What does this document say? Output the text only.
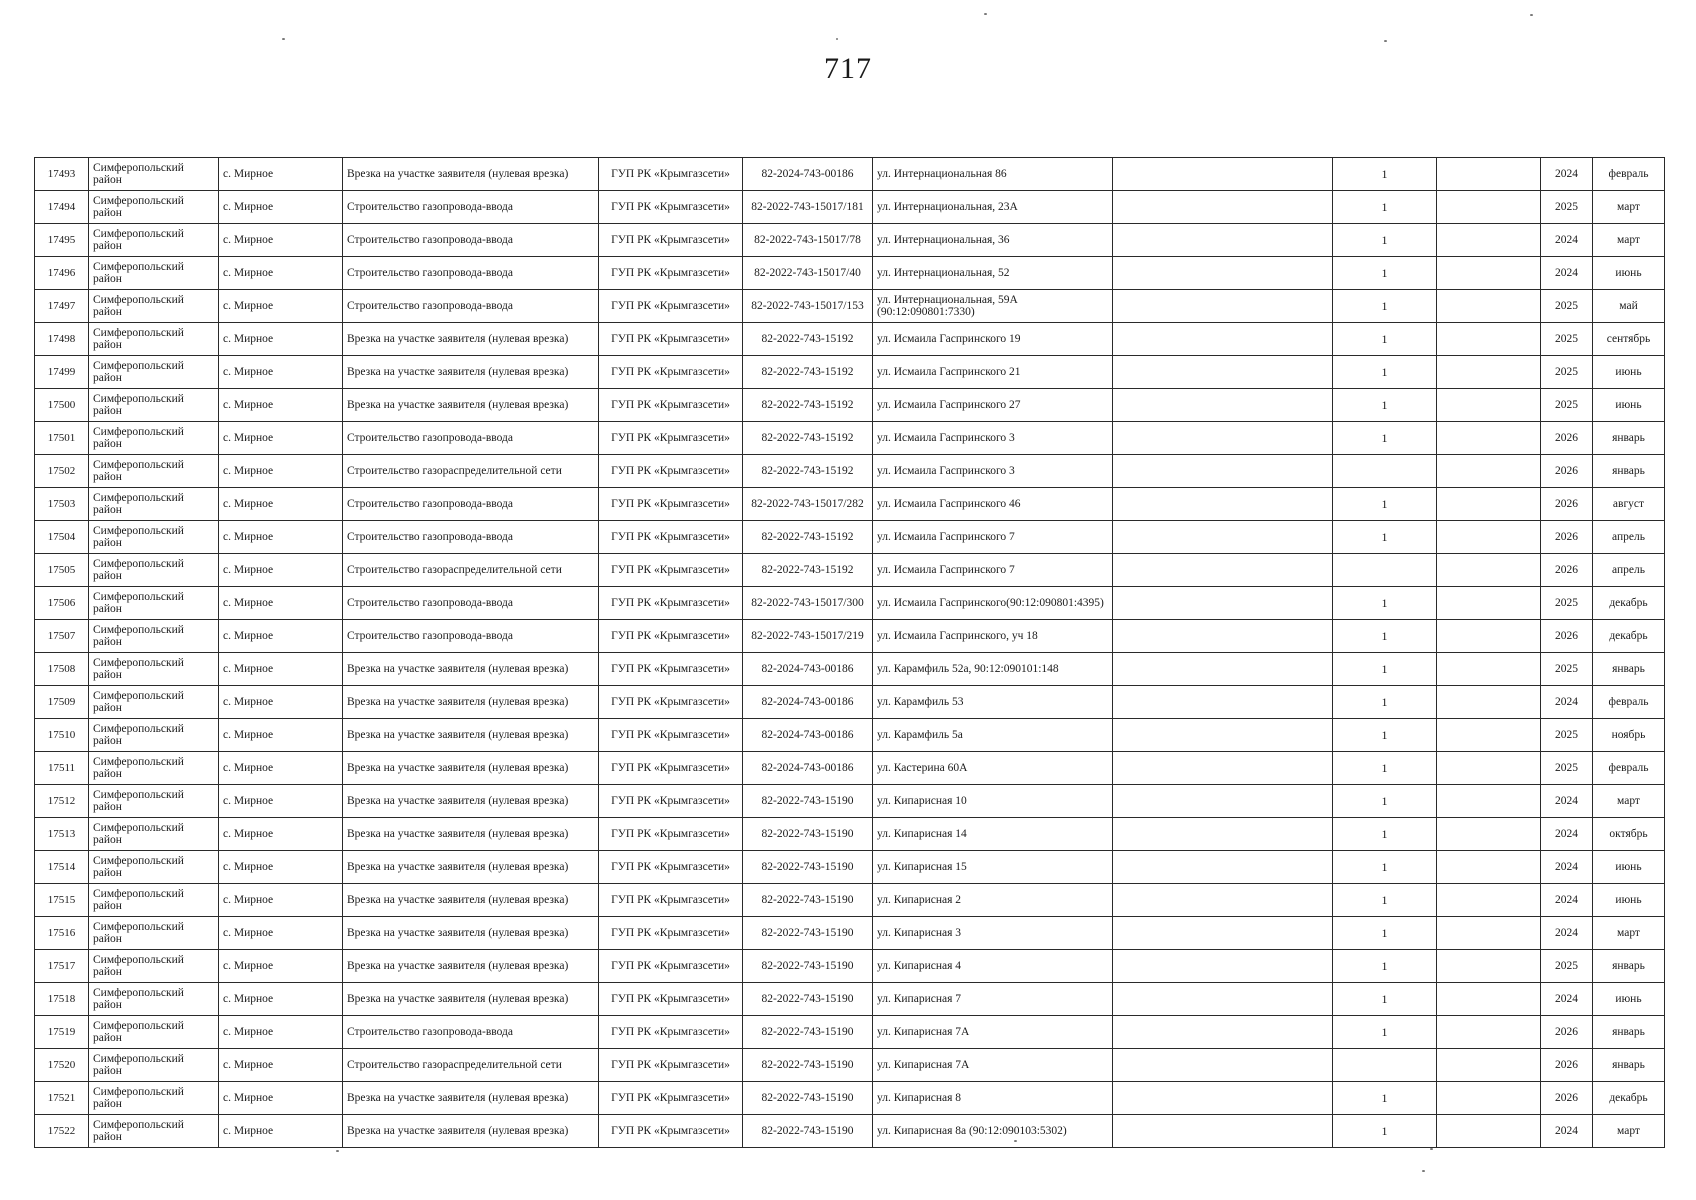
717
17493	Симферопольский район	с. Мирное	Врезка на участке заявителя (нулевая врезка)	ГУП РК «Крымгазсети»	82-2024-743-00186	ул. Интернациональная 86		1		2024	февраль
17494	Симферопольский район	с. Мирное	Строительство газопровода-ввода	ГУП РК «Крымгазсети»	82-2022-743-15017/181	ул. Интернациональная, 23А		1		2025	март
17495	Симферопольский район	с. Мирное	Строительство газопровода-ввода	ГУП РК «Крымгазсети»	82-2022-743-15017/78	ул. Интернациональная, 36		1		2024	март
17496	Симферопольский район	с. Мирное	Строительство газопровода-ввода	ГУП РК «Крымгазсети»	82-2022-743-15017/40	ул. Интернациональная, 52		1		2024	июнь
17497	Симферопольский район	с. Мирное	Строительство газопровода-ввода	ГУП РК «Крымгазсети»	82-2022-743-15017/153	ул. Интернациональная, 59А (90:12:090801:7330)		1		2025	май
17498	Симферопольский район	с. Мирное	Врезка на участке заявителя (нулевая врезка)	ГУП РК «Крымгазсети»	82-2022-743-15192	ул. Исмаила Гаспринского 19		1		2025	сентябрь
17499	Симферопольский район	с. Мирное	Врезка на участке заявителя (нулевая врезка)	ГУП РК «Крымгазсети»	82-2022-743-15192	ул. Исмаила Гаспринского 21		1		2025	июнь
17500	Симферопольский район	с. Мирное	Врезка на участке заявителя (нулевая врезка)	ГУП РК «Крымгазсети»	82-2022-743-15192	ул. Исмаила Гаспринского 27		1		2025	июнь
17501	Симферопольский район	с. Мирное	Строительство газопровода-ввода	ГУП РК «Крымгазсети»	82-2022-743-15192	ул. Исмаила Гаспринского 3		1		2026	январь
17502	Симферопольский район	с. Мирное	Строительство газораспределительной сети	ГУП РК «Крымгазсети»	82-2022-743-15192	ул. Исмаила Гаспринского 3				2026	январь
17503	Симферопольский район	с. Мирное	Строительство газопровода-ввода	ГУП РК «Крымгазсети»	82-2022-743-15017/282	ул. Исмаила Гаспринского 46		1		2026	август
17504	Симферопольский район	с. Мирное	Строительство газопровода-ввода	ГУП РК «Крымгазсети»	82-2022-743-15192	ул. Исмаила Гаспринского 7		1		2026	апрель
17505	Симферопольский район	с. Мирное	Строительство газораспределительной сети	ГУП РК «Крымгазсети»	82-2022-743-15192	ул. Исмаила Гаспринского 7				2026	апрель
17506	Симферопольский район	с. Мирное	Строительство газопровода-ввода	ГУП РК «Крымгазсети»	82-2022-743-15017/300	ул. Исмаила Гаспринского(90:12:090801:4395)		1		2025	декабрь
17507	Симферопольский район	с. Мирное	Строительство газопровода-ввода	ГУП РК «Крымгазсети»	82-2022-743-15017/219	ул. Исмаила Гаспринского, уч 18		1		2026	декабрь
17508	Симферопольский район	с. Мирное	Врезка на участке заявителя (нулевая врезка)	ГУП РК «Крымгазсети»	82-2024-743-00186	ул. Карамфиль 52а, 90:12:090101:148		1		2025	январь
17509	Симферопольский район	с. Мирное	Врезка на участке заявителя (нулевая врезка)	ГУП РК «Крымгазсети»	82-2024-743-00186	ул. Карамфиль 53		1		2024	февраль
17510	Симферопольский район	с. Мирное	Врезка на участке заявителя (нулевая врезка)	ГУП РК «Крымгазсети»	82-2024-743-00186	ул. Карамфиль 5а		1		2025	ноябрь
17511	Симферопольский район	с. Мирное	Врезка на участке заявителя (нулевая врезка)	ГУП РК «Крымгазсети»	82-2024-743-00186	ул. Кастерина 60А		1		2025	февраль
17512	Симферопольский район	с. Мирное	Врезка на участке заявителя (нулевая врезка)	ГУП РК «Крымгазсети»	82-2022-743-15190	ул. Кипарисная 10		1		2024	март
17513	Симферопольский район	с. Мирное	Врезка на участке заявителя (нулевая врезка)	ГУП РК «Крымгазсети»	82-2022-743-15190	ул. Кипарисная 14		1		2024	октябрь
17514	Симферопольский район	с. Мирное	Врезка на участке заявителя (нулевая врезка)	ГУП РК «Крымгазсети»	82-2022-743-15190	ул. Кипарисная 15		1		2024	июнь
17515	Симферопольский район	с. Мирное	Врезка на участке заявителя (нулевая врезка)	ГУП РК «Крымгазсети»	82-2022-743-15190	ул. Кипарисная 2		1		2024	июнь
17516	Симферопольский район	с. Мирное	Врезка на участке заявителя (нулевая врезка)	ГУП РК «Крымгазсети»	82-2022-743-15190	ул. Кипарисная 3		1		2024	март
17517	Симферопольский район	с. Мирное	Врезка на участке заявителя (нулевая врезка)	ГУП РК «Крымгазсети»	82-2022-743-15190	ул. Кипарисная 4		1		2025	январь
17518	Симферопольский район	с. Мирное	Врезка на участке заявителя (нулевая врезка)	ГУП РК «Крымгазсети»	82-2022-743-15190	ул. Кипарисная 7		1		2024	июнь
17519	Симферопольский район	с. Мирное	Строительство газопровода-ввода	ГУП РК «Крымгазсети»	82-2022-743-15190	ул. Кипарисная 7А		1		2026	январь
17520	Симферопольский район	с. Мирное	Строительство газораспределительной сети	ГУП РК «Крымгазсети»	82-2022-743-15190	ул. Кипарисная 7А				2026	январь
17521	Симферопольский район	с. Мирное	Врезка на участке заявителя (нулевая врезка)	ГУП РК «Крымгазсети»	82-2022-743-15190	ул. Кипарисная 8		1		2026	декабрь
17522	Симферопольский район	с. Мирное	Врезка на участке заявителя (нулевая врезка)	ГУП РК «Крымгазсети»	82-2022-743-15190	ул. Кипарисная 8а (90:12:090103:5302)		1		2024	март
